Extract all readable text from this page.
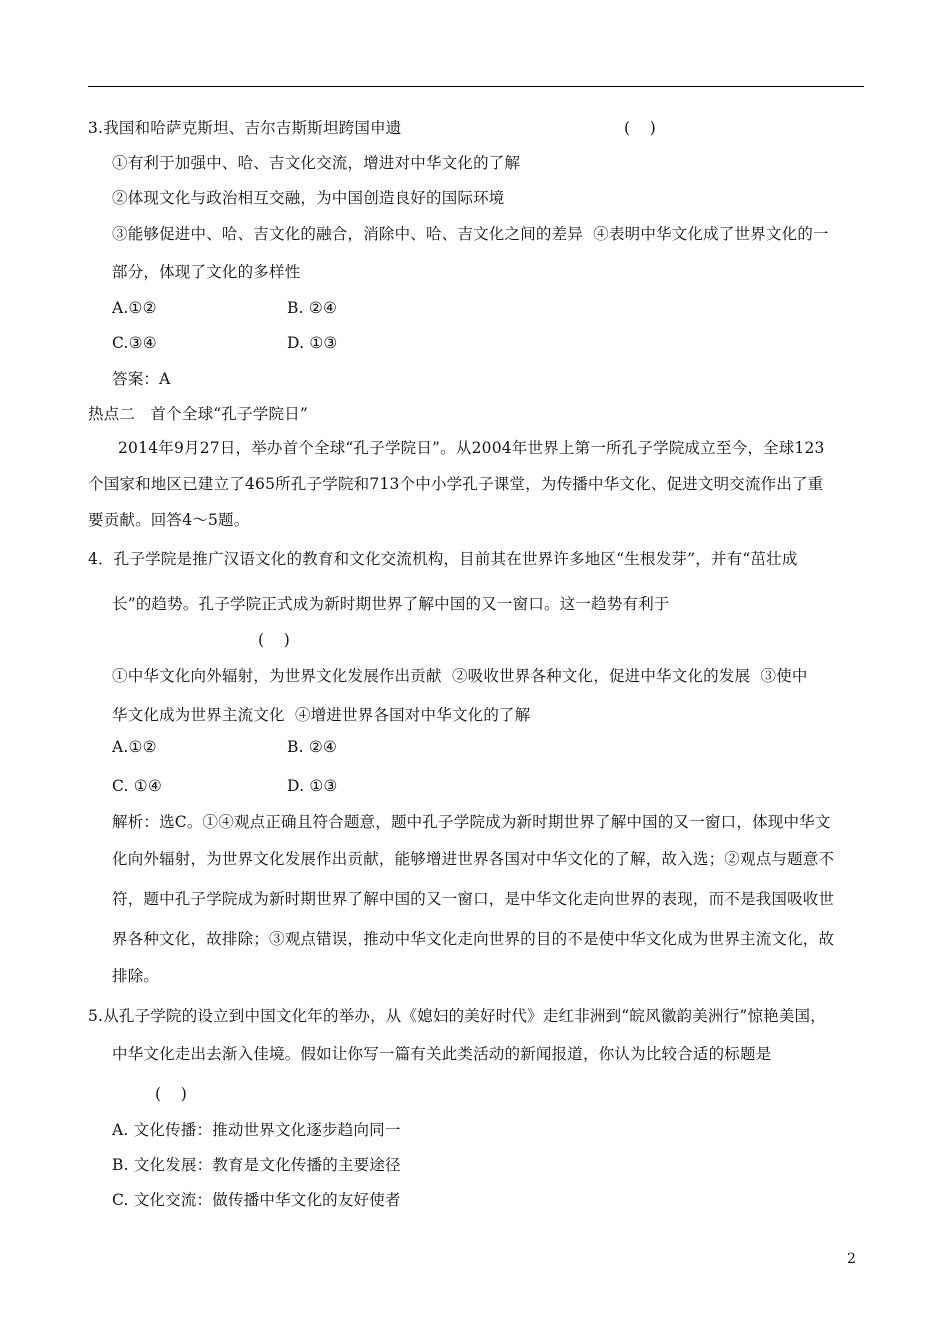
3.我国和哈萨克斯坦、吉尔吉斯斯坦跨国申遗	(    )
①有利于加强中、哈、吉文化交流，增进对中华文化的了解
②体现文化与政治相互交融，为中国创造良好的国际环境
③能够促进中、哈、吉文化的融合，消除中、哈、吉文化之间的差异  ④表明中华文化成了世界文化的一
部分，体现了文化的多样性
A.①②	B. ②④
C.③④	D. ①③
答案：A
热点二   首个全球“孔子学院日”
2014年9月27日，举办首个全球“孔子学院日”。从2004年世界上第一所孔子学院成立至今，全球123
个国家和地区已建立了465所孔子学院和713个中小学孔子课堂，为传播中华文化、促进文明交流作出了重
要贡献。回答4～5题。
4．孔子学院是推广汉语文化的教育和文化交流机构，目前其在世界许多地区“生根发芽”，并有“茁壮成
长”的趋势。孔子学院正式成为新时期世界了解中国的又一窗口。这一趋势有利于
(    )
①中华文化向外辐射，为世界文化发展作出贡献  ②吸收世界各种文化，促进中华文化的发展  ③使中
华文化成为世界主流文化  ④增进世界各国对中华文化的了解
A.①②	B. ②④
C. ①④	D. ①③
解析：选C。①④观点正确且符合题意，题中孔子学院成为新时期世界了解中国的又一窗口，体现中华文
化向外辐射，为世界文化发展作出贡献，能够增进世界各国对中华文化的了解，故入选；②观点与题意不
符，题中孔子学院成为新时期世界了解中国的又一窗口，是中华文化走向世界的表现，而不是我国吸收世
界各种文化，故排除；③观点错误，推动中华文化走向世界的目的不是使中华文化成为世界主流文化，故
排除。
5.从孔子学院的设立到中国文化年的举办，从《媳妇的美好时代》走红非洲到“皖风徽韵美洲行”惊艳美国，
中华文化走出去渐入佳境。假如让你写一篇有关此类活动的新闻报道，你认为比较合适的标题是
(    )
A. 文化传播：推动世界文化逐步趋向同一
B. 文化发展：教育是文化传播的主要途径
C. 文化交流：做传播中华文化的友好使者
2
